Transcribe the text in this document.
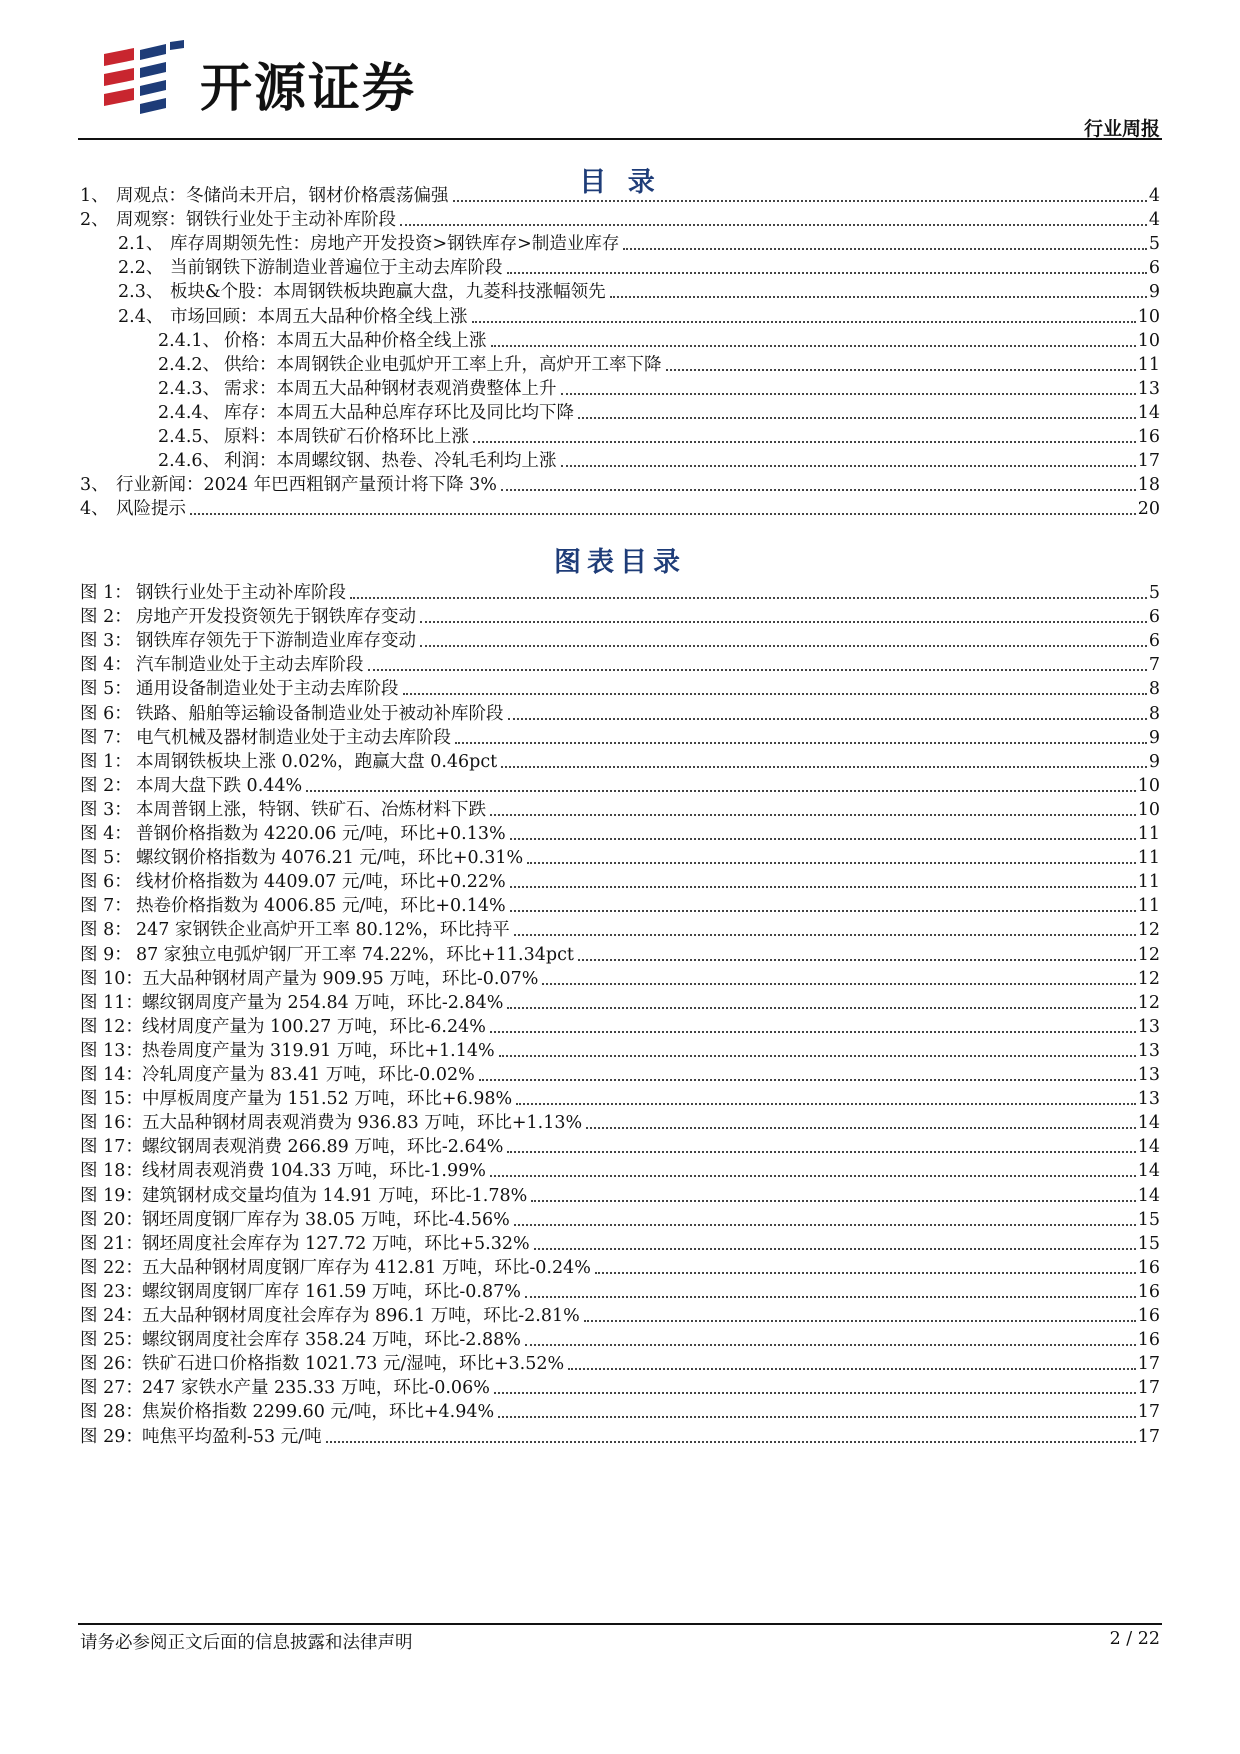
开源证券
行业周报
目 录
1、 周观点：冬储尚未开启，钢材价格震荡偏强	4
2、 周观察：钢铁行业处于主动补库阶段	4
2.1、 库存周期领先性：房地产开发投资>钢铁库存>制造业库存	5
2.2、 当前钢铁下游制造业普遍位于主动去库阶段	6
2.3、 板块&个股：本周钢铁板块跑赢大盘，九菱科技涨幅领先	9
2.4、 市场回顾：本周五大品种价格全线上涨	10
2.4.1、 价格：本周五大品种价格全线上涨	10
2.4.2、 供给：本周钢铁企业电弧炉开工率上升，高炉开工率下降	11
2.4.3、 需求：本周五大品种钢材表观消费整体上升	13
2.4.4、 库存：本周五大品种总库存环比及同比均下降	14
2.4.5、 原料：本周铁矿石价格环比上涨	16
2.4.6、 利润：本周螺纹钢、热卷、冷轧毛利均上涨	17
3、 行业新闻：2024 年巴西粗钢产量预计将下降 3%	18
4、 风险提示	20
图表目录
图 1： 钢铁行业处于主动补库阶段	5
图 2： 房地产开发投资领先于钢铁库存变动	6
图 3： 钢铁库存领先于下游制造业库存变动	6
图 4： 汽车制造业处于主动去库阶段	7
图 5： 通用设备制造业处于主动去库阶段	8
图 6： 铁路、船舶等运输设备制造业处于被动补库阶段	8
图 7： 电气机械及器材制造业处于主动去库阶段	9
图 1： 本周钢铁板块上涨 0.02%，跑赢大盘 0.46pct	9
图 2： 本周大盘下跌 0.44%	10
图 3： 本周普钢上涨，特钢、铁矿石、冶炼材料下跌	10
图 4： 普钢价格指数为 4220.06 元/吨，环比+0.13%	11
图 5： 螺纹钢价格指数为 4076.21 元/吨，环比+0.31%	11
图 6： 线材价格指数为 4409.07 元/吨，环比+0.22%	11
图 7： 热卷价格指数为 4006.85 元/吨，环比+0.14%	11
图 8： 247 家钢铁企业高炉开工率 80.12%，环比持平	12
图 9： 87 家独立电弧炉钢厂开工率 74.22%，环比+11.34pct	12
图 10： 五大品种钢材周产量为 909.95 万吨，环比-0.07%	12
图 11： 螺纹钢周度产量为 254.84 万吨，环比-2.84%	12
图 12： 线材周度产量为 100.27 万吨，环比-6.24%	13
图 13： 热卷周度产量为 319.91 万吨，环比+1.14%	13
图 14： 冷轧周度产量为 83.41 万吨，环比-0.02%	13
图 15： 中厚板周度产量为 151.52 万吨，环比+6.98%	13
图 16： 五大品种钢材周表观消费为 936.83 万吨，环比+1.13%	14
图 17： 螺纹钢周表观消费 266.89 万吨，环比-2.64%	14
图 18： 线材周表观消费 104.33 万吨，环比-1.99%	14
图 19： 建筑钢材成交量均值为 14.91 万吨，环比-1.78%	14
图 20： 钢坯周度钢厂库存为 38.05 万吨，环比-4.56%	15
图 21： 钢坯周度社会库存为 127.72 万吨，环比+5.32%	15
图 22： 五大品种钢材周度钢厂库存为 412.81 万吨，环比-0.24%	16
图 23： 螺纹钢周度钢厂库存 161.59 万吨，环比-0.87%	16
图 24： 五大品种钢材周度社会库存为 896.1 万吨，环比-2.81%	16
图 25： 螺纹钢周度社会库存 358.24 万吨，环比-2.88%	16
图 26： 铁矿石进口价格指数 1021.73 元/湿吨，环比+3.52%	17
图 27： 247 家铁水产量 235.33 万吨，环比-0.06%	17
图 28： 焦炭价格指数 2299.60 元/吨，环比+4.94%	17
图 29： 吨焦平均盈利-53 元/吨	17
请务必参阅正文后面的信息披露和法律声明	2 / 22
